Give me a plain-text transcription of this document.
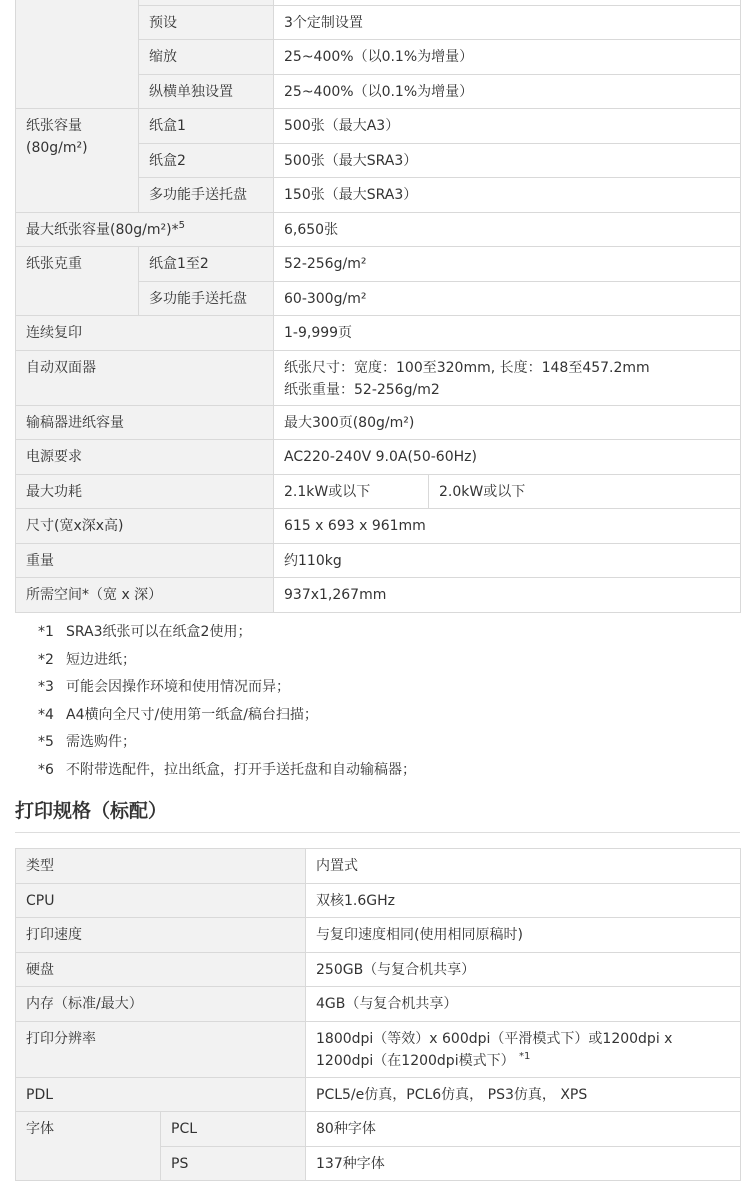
	预设	3个定制设置	
	缩放	25~400%（以0.1%为增量）	
	纵横单独设置	25~400%（以0.1%为增量）	

纸张容量
(80g/m²)	纸盒1	500张（最大A3）	
	纸盒2	500张（最大SRA3）	
	多功能手送托盘	150张（最大SRA3）	
最大纸张容量(80g/m²)*$^5$		6,650张	
纸张克重	纸盒1至2	52-256g/m²	
	多功能手送托盘	60-300g/m²	
连续复印		1-9,999页	
自动双面器		纸张尺寸：宽度：100至320mm, 长度：148至457.2mm
纸张重量：52-256g/m2	

输稿器进纸容量		最大300页(80g/m²)	
电源要求		AC220-240V 9.0A(50-60Hz)	
最大功耗		2.1kW或以下	2.0kW或以下
尺寸(宽x深x高)		615 x 693 x 961mm	
重量		约110kg	
所需空间*（宽 x 深）		937x1,267mm	
*1 SRA3纸张可以在纸盒2使用；
*2 短边进纸；
*3 可能会因操作环境和使用情况而异；
*4 A4横向全尺寸/使用第一纸盒/稿台扫描；
*5 需选购件；
*6 不附带选配件，拉出纸盒，打开手送托盘和自动输稿器；
打印规格（标配）
类型		内置式
CPU		双核1.6GHz
打印速度		与复印速度相同(使用相同原稿时)
硬盘		250GB（与复合机共享）
内存（标准/最大）		4GB（与复合机共享）
打印分辨率		1800dpi（等效）x 600dpi（平滑模式下）或1200dpi x
1200dpi（在1200dpi模式下） $^{*1}$

PDL		PCL5/e仿真，PCL6仿真， PS3仿真， XPS
字体	PCL	80种字体
	PS	137种字体
